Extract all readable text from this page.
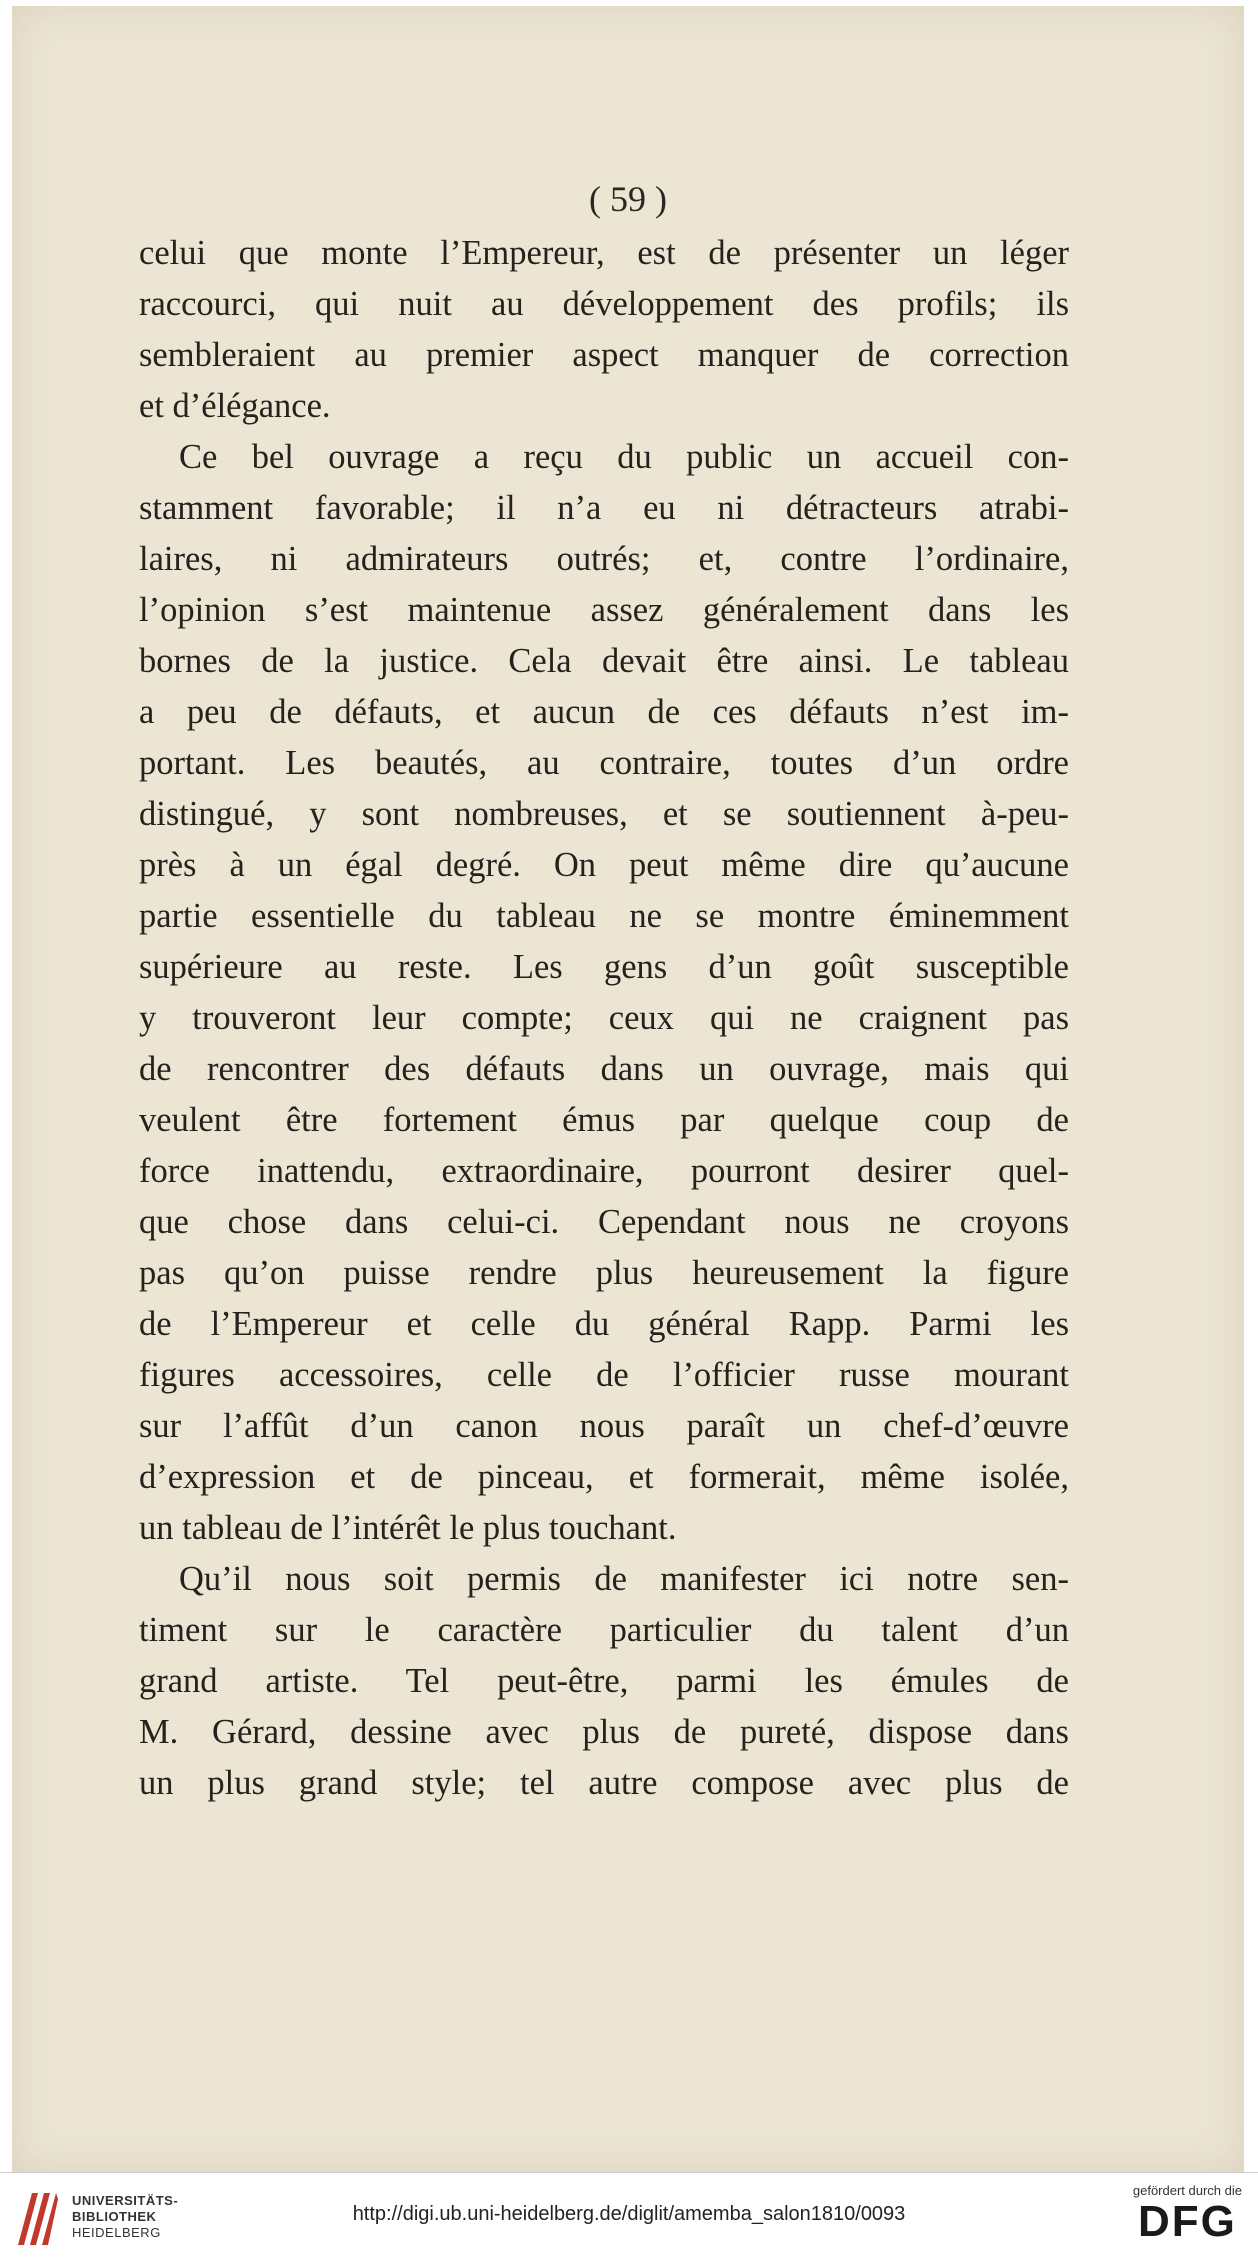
( 59 )
celui que monte l’Empereur, est de présenter un léger
raccourci, qui nuit au développement des profils; ils
sembleraient au premier aspect manquer de correction
et d’élégance.
Ce bel ouvrage a reçu du public un accueil con-
stamment favorable; il n’a eu ni détracteurs atrabi-
laires, ni admirateurs outrés; et, contre l’ordinaire,
l’opinion s’est maintenue assez généralement dans les
bornes de la justice. Cela devait être ainsi. Le tableau
a peu de défauts, et aucun de ces défauts n’est im-
portant. Les beautés, au contraire, toutes d’un ordre
distingué, y sont nombreuses, et se soutiennent à-peu-
près à un égal degré. On peut même dire qu’aucune
partie essentielle du tableau ne se montre éminemment
supérieure au reste. Les gens d’un goût susceptible
y trouveront leur compte; ceux qui ne craignent pas
de rencontrer des défauts dans un ouvrage, mais qui
veulent être fortement émus par quelque coup de
force inattendu, extraordinaire, pourront desirer quel-
que chose dans celui-ci. Cependant nous ne croyons
pas qu’on puisse rendre plus heureusement la figure
de l’Empereur et celle du général Rapp. Parmi les
figures accessoires, celle de l’officier russe mourant
sur l’affût d’un canon nous paraît un chef-d’œuvre
d’expression et de pinceau, et formerait, même isolée,
un tableau de l’intérêt le plus touchant.
Qu’il nous soit permis de manifester ici notre sen-
timent sur le caractère particulier du talent d’un
grand artiste. Tel peut-être, parmi les émules de
M. Gérard, dessine avec plus de pureté, dispose dans
un plus grand style; tel autre compose avec plus de
UNIVERSITÄTS-
BIBLIOTHEK
HEIDELBERG
http://digi.ub.uni-heidelberg.de/diglit/amemba_salon1810/0093
gefördert durch die
DFG
